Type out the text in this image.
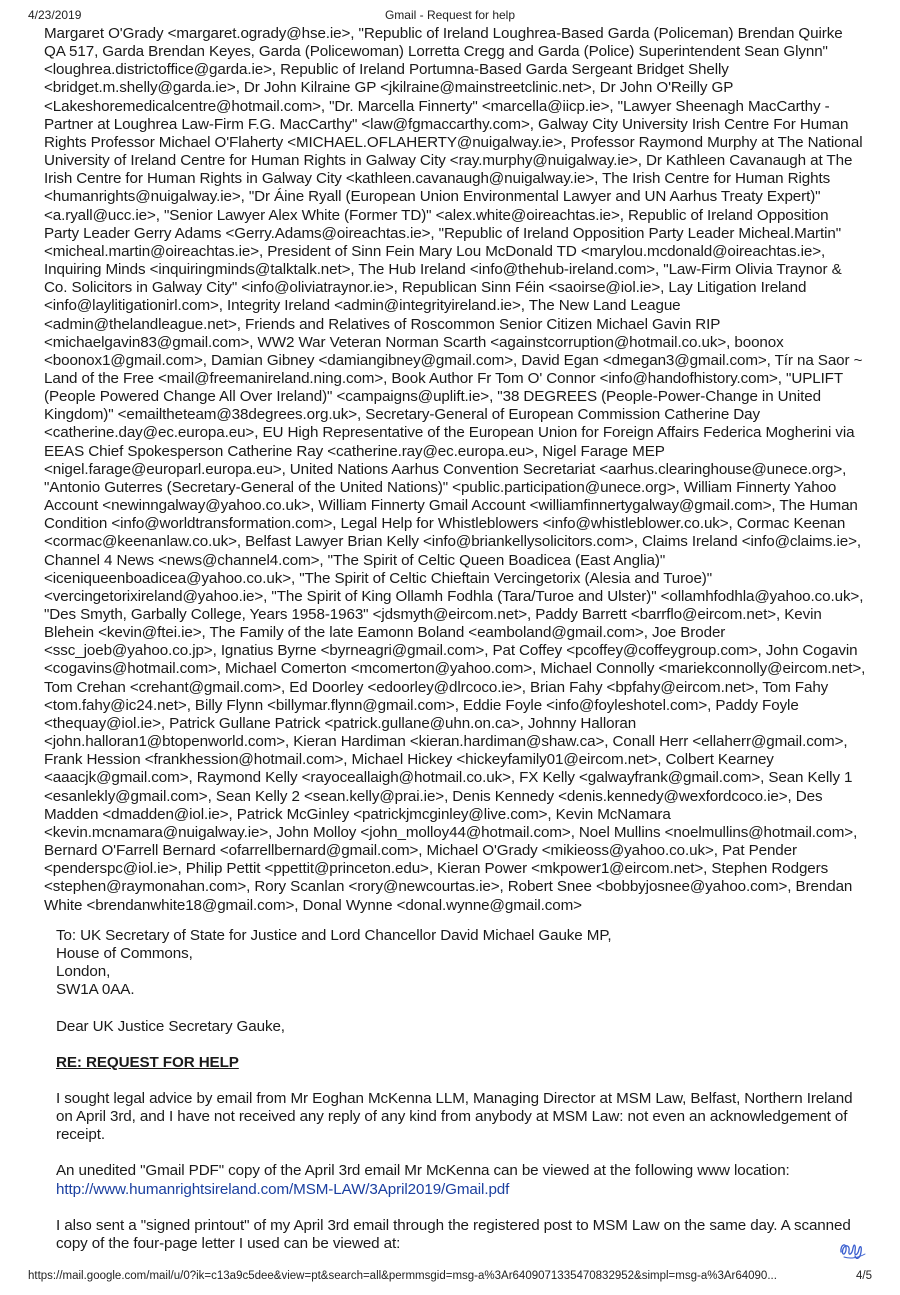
4/23/2019	Gmail - Request for help
Margaret O'Grady <margaret.ogrady@hse.ie>, "Republic of Ireland Loughrea-Based Garda (Policeman) Brendan Quirke QA 517, Garda Brendan Keyes, Garda (Policewoman) Lorretta Cregg and Garda (Police) Superintendent Sean Glynn" <loughrea.districtoffice@garda.ie>, Republic of Ireland Portumna-Based Garda Sergeant Bridget Shelly <bridget.m.shelly@garda.ie>, Dr John Kilraine GP <jkilraine@mainstreetclinic.net>, Dr John O'Reilly GP <Lakeshoremedicalcentre@hotmail.com>, "Dr. Marcella Finnerty" <marcella@iicp.ie>, "Lawyer Sheenagh MacCarthy - Partner at Loughrea Law-Firm F.G. MacCarthy" <law@fgmaccarthy.com>, Galway City University Irish Centre For Human Rights Professor Michael O'Flaherty <MICHAEL.OFLAHERTY@nuigalway.ie>, Professor Raymond Murphy at The National University of Ireland Centre for Human Rights in Galway City <ray.murphy@nuigalway.ie>, Dr Kathleen Cavanaugh at The Irish Centre for Human Rights in Galway City <kathleen.cavanaugh@nuigalway.ie>, The Irish Centre for Human Rights <humanrights@nuigalway.ie>, "Dr Áine Ryall (European Union Environmental Lawyer and UN Aarhus Treaty Expert)" <a.ryall@ucc.ie>, "Senior Lawyer Alex White (Former TD)" <alex.white@oireachtas.ie>, Republic of Ireland Opposition Party Leader Gerry Adams <Gerry.Adams@oireachtas.ie>, "Republic of Ireland Opposition Party Leader Micheal.Martin" <micheal.martin@oireachtas.ie>, President of Sinn Fein Mary Lou McDonald TD <marylou.mcdonald@oireachtas.ie>, Inquiring Minds <inquiringminds@talktalk.net>, The Hub Ireland <info@thehub-ireland.com>, "Law-Firm Olivia Traynor & Co. Solicitors in Galway City" <info@oliviatraynor.ie>, Republican Sinn Féin <saoirse@iol.ie>, Lay Litigation Ireland <info@laylitigationirl.com>, Integrity Ireland <admin@integrityireland.ie>, The New Land League <admin@thelandleague.net>, Friends and Relatives of Roscommon Senior Citizen Michael Gavin RIP <michaelgavin83@gmail.com>, WW2 War Veteran Norman Scarth <againstcorruption@hotmail.co.uk>, boonox <boonox1@gmail.com>, Damian Gibney <damiangibney@gmail.com>, David Egan <dmegan3@gmail.com>, Tír na Saor ~ Land of the Free <mail@freemanireland.ning.com>, Book Author Fr Tom O' Connor <info@handofhistory.com>, "UPLIFT (People Powered Change All Over Ireland)" <campaigns@uplift.ie>, "38 DEGREES (People-Power-Change in United Kingdom)" <emailtheteam@38degrees.org.uk>, Secretary-General of European Commission Catherine Day <catherine.day@ec.europa.eu>, EU High Representative of the European Union for Foreign Affairs Federica Mogherini via EEAS Chief Spokesperson Catherine Ray <catherine.ray@ec.europa.eu>, Nigel Farage MEP <nigel.farage@europarl.europa.eu>, United Nations Aarhus Convention Secretariat <aarhus.clearinghouse@unece.org>, "Antonio Guterres (Secretary-General of the United Nations)" <public.participation@unece.org>, William Finnerty Yahoo Account <newinngalway@yahoo.co.uk>, William Finnerty Gmail Account <williamfinnertygalway@gmail.com>, The Human Condition <info@worldtransformation.com>, Legal Help for Whistleblowers <info@whistleblower.co.uk>, Cormac Keenan <cormac@keenanlaw.co.uk>, Belfast Lawyer Brian Kelly <info@briankellysolicitors.com>, Claims Ireland <info@claims.ie>, Channel 4 News <news@channel4.com>, "The Spirit of Celtic Queen Boadicea (East Anglia)" <iceniqueenboadicea@yahoo.co.uk>, "The Spirit of Celtic Chieftain Vercingetorix (Alesia and Turoe)" <vercingetorixireland@yahoo.ie>, "The Spirit of King Ollamh Fodhla (Tara/Turoe and Ulster)" <ollamhfodhla@yahoo.co.uk>, "Des Smyth, Garbally College, Years 1958-1963" <jdsmyth@eircom.net>, Paddy Barrett <barrflo@eircom.net>, Kevin Blehein <kevin@ftei.ie>, The Family of the late Eamonn Boland <eamboland@gmail.com>, Joe Broder <ssc_joeb@yahoo.co.jp>, Ignatius Byrne <byrneagri@gmail.com>, Pat Coffey <pcoffey@coffeygroup.com>, John Cogavin <cogavins@hotmail.com>, Michael Comerton <mcomerton@yahoo.com>, Michael Connolly <mariekconnolly@eircom.net>, Tom Crehan <crehant@gmail.com>, Ed Doorley <edoorley@dlrcoco.ie>, Brian Fahy <bpfahy@eircom.net>, Tom Fahy <tom.fahy@ic24.net>, Billy Flynn <billymar.flynn@gmail.com>, Eddie Foyle <info@foyleshotel.com>, Paddy Foyle <thequay@iol.ie>, Patrick Gullane Patrick <patrick.gullane@uhn.on.ca>, Johnny Halloran <john.halloran1@btopenworld.com>, Kieran Hardiman <kieran.hardiman@shaw.ca>, Conall Herr <ellaherr@gmail.com>, Frank Hession <frankhession@hotmail.com>, Michael Hickey <hickeyfamily01@eircom.net>, Colbert Kearney <aaacjk@gmail.com>, Raymond Kelly <rayoceallaigh@hotmail.co.uk>, FX Kelly <galwayfrank@gmail.com>, Sean Kelly 1 <esanlekly@gmail.com>, Sean Kelly 2 <sean.kelly@prai.ie>, Denis Kennedy <denis.kennedy@wexfordcoco.ie>, Des Madden <dmadden@iol.ie>, Patrick McGinley <patrickjmcginley@live.com>, Kevin McNamara <kevin.mcnamara@nuigalway.ie>, John Molloy <john_molloy44@hotmail.com>, Noel Mullins <noelmullins@hotmail.com>, Bernard O'Farrell Bernard <ofarrellbernard@gmail.com>, Michael O'Grady <mikieoss@yahoo.co.uk>, Pat Pender <penderspc@iol.ie>, Philip Pettit <ppettit@princeton.edu>, Kieran Power <mkpower1@eircom.net>, Stephen Rodgers <stephen@raymonahan.com>, Rory Scanlan <rory@newcourtas.ie>, Robert Snee <bobbyjosnee@yahoo.com>, Brendan White <brendanwhite18@gmail.com>, Donal Wynne <donal.wynne@gmail.com>
To: UK Secretary of State for Justice and Lord Chancellor David Michael Gauke MP,
House of Commons,
London,
SW1A 0AA.

Dear UK Justice Secretary Gauke,

RE: REQUEST FOR HELP

I sought legal advice by email from Mr Eoghan McKenna LLM, Managing Director at MSM Law, Belfast, Northern Ireland on April 3rd, and I have not received any reply of any kind from anybody at MSM Law: not even an acknowledgement of receipt.

An unedited "Gmail PDF" copy of the April 3rd email Mr McKenna can be viewed at the following www location:

http://www.humanrightsireland.com/MSM-LAW/3April2019/Gmail.pdf

I also sent a "signed printout" of my April 3rd email through the registered post to MSM Law on the same day. A scanned copy of the four-page letter I used can be viewed at:

https://mail.google.com/mail/u/0?ik=c13a9c5dee&view=pt&search=all&permmsgid=msg-a%3Ar6409071335470832952&simpl=msg-a%3Ar64090...	4/5
